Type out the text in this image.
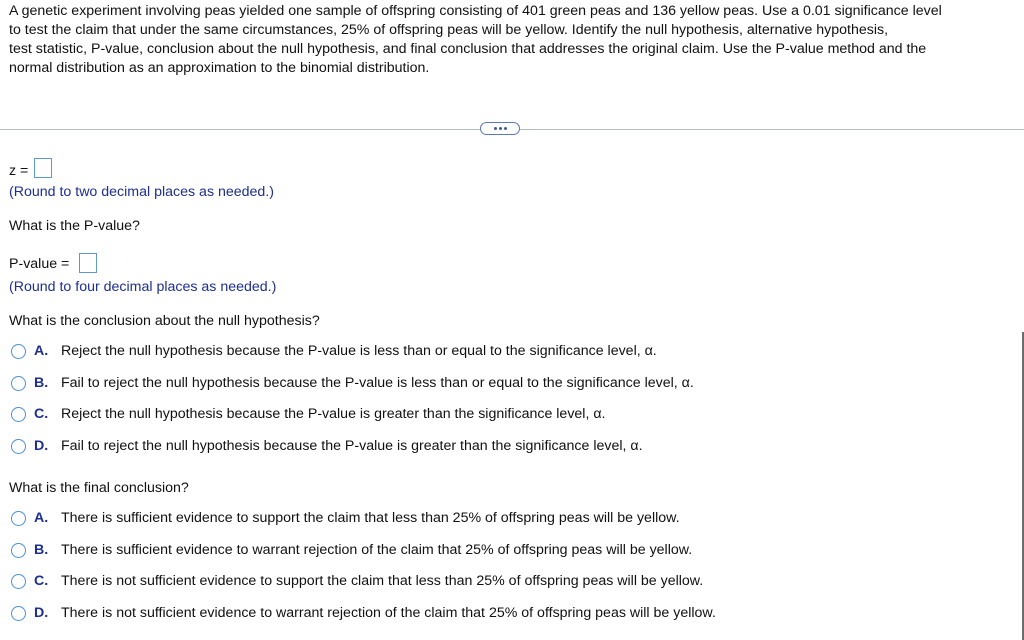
A genetic experiment involving peas yielded one sample of offspring consisting of 401 green peas and 136 yellow peas. Use a 0.01 significance level
to test the claim that under the same circumstances, 25% of offspring peas will be yellow. Identify the null hypothesis, alternative hypothesis,
test statistic, P-value, conclusion about the null hypothesis, and final conclusion that addresses the original claim. Use the P-value method and the
normal distribution as an approximation to the binomial distribution.
z =
(Round to two decimal places as needed.)
What is the P-value?
P-value =
(Round to four decimal places as needed.)
What is the conclusion about the null hypothesis?
A. Reject the null hypothesis because the P-value is less than or equal to the significance level, α.
B. Fail to reject the null hypothesis because the P-value is less than or equal to the significance level, α.
C. Reject the null hypothesis because the P-value is greater than the significance level, α.
D. Fail to reject the null hypothesis because the P-value is greater than the significance level, α.
What is the final conclusion?
A. There is sufficient evidence to support the claim that less than 25% of offspring peas will be yellow.
B. There is sufficient evidence to warrant rejection of the claim that 25% of offspring peas will be yellow.
C. There is not sufficient evidence to support the claim that less than 25% of offspring peas will be yellow.
D. There is not sufficient evidence to warrant rejection of the claim that 25% of offspring peas will be yellow.
